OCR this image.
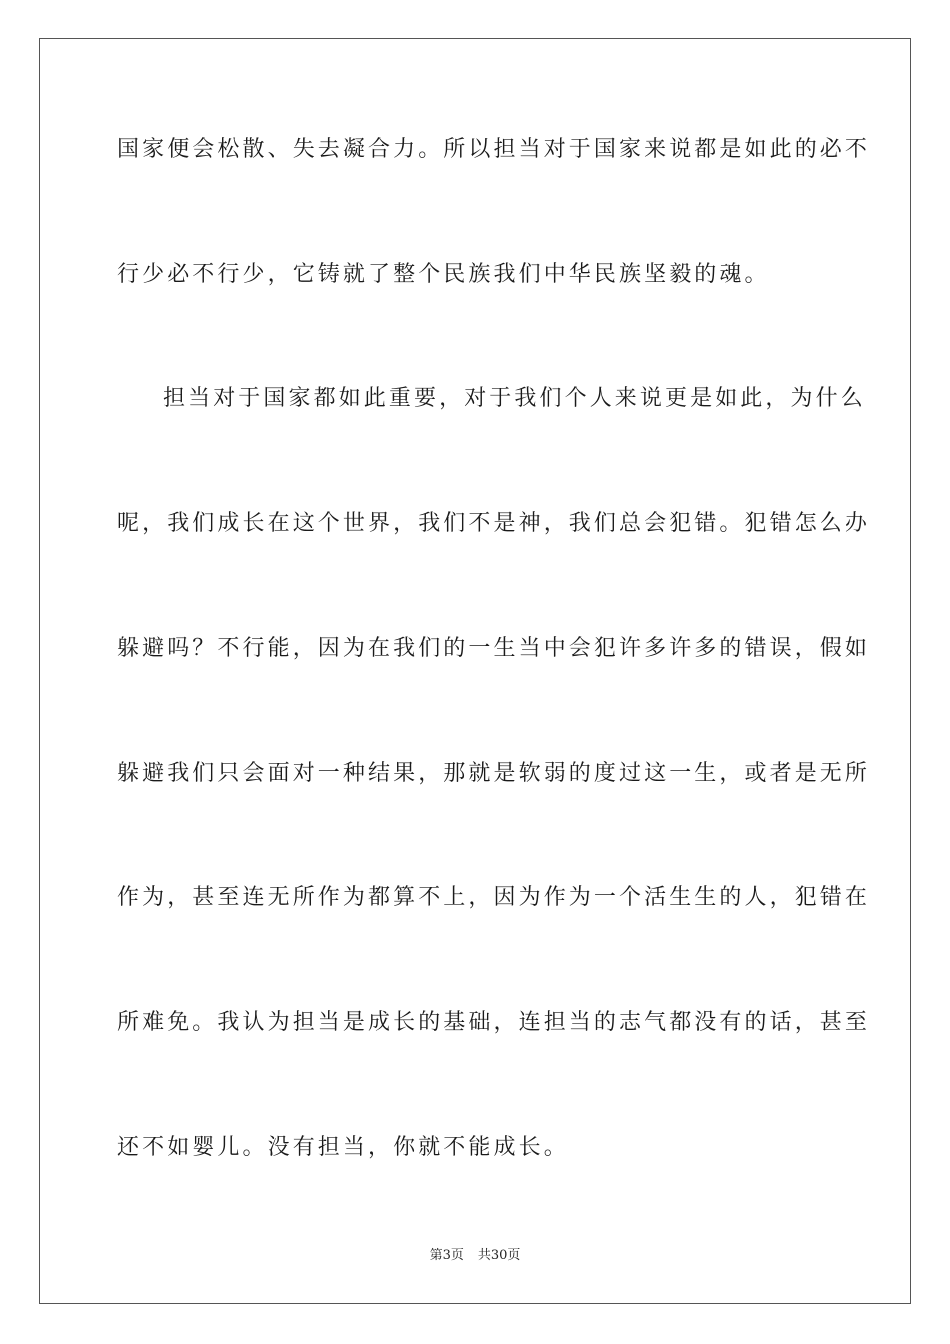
国家便会松散、失去凝合力。所以担当对于国家来说都是如此的必不
行少必不行少，它铸就了整个民族我们中华民族坚毅的魂。
担当对于国家都如此重要，对于我们个人来说更是如此，为什么
呢，我们成长在这个世界，我们不是神，我们总会犯错。犯错怎么办
躲避吗？不行能，因为在我们的一生当中会犯许多许多的错误，假如
躲避我们只会面对一种结果，那就是软弱的度过这一生，或者是无所
作为，甚至连无所作为都算不上，因为作为一个活生生的人，犯错在
所难免。我认为担当是成长的基础，连担当的志气都没有的话，甚至
还不如婴儿。没有担当，你就不能成长。
第3页 共30页
